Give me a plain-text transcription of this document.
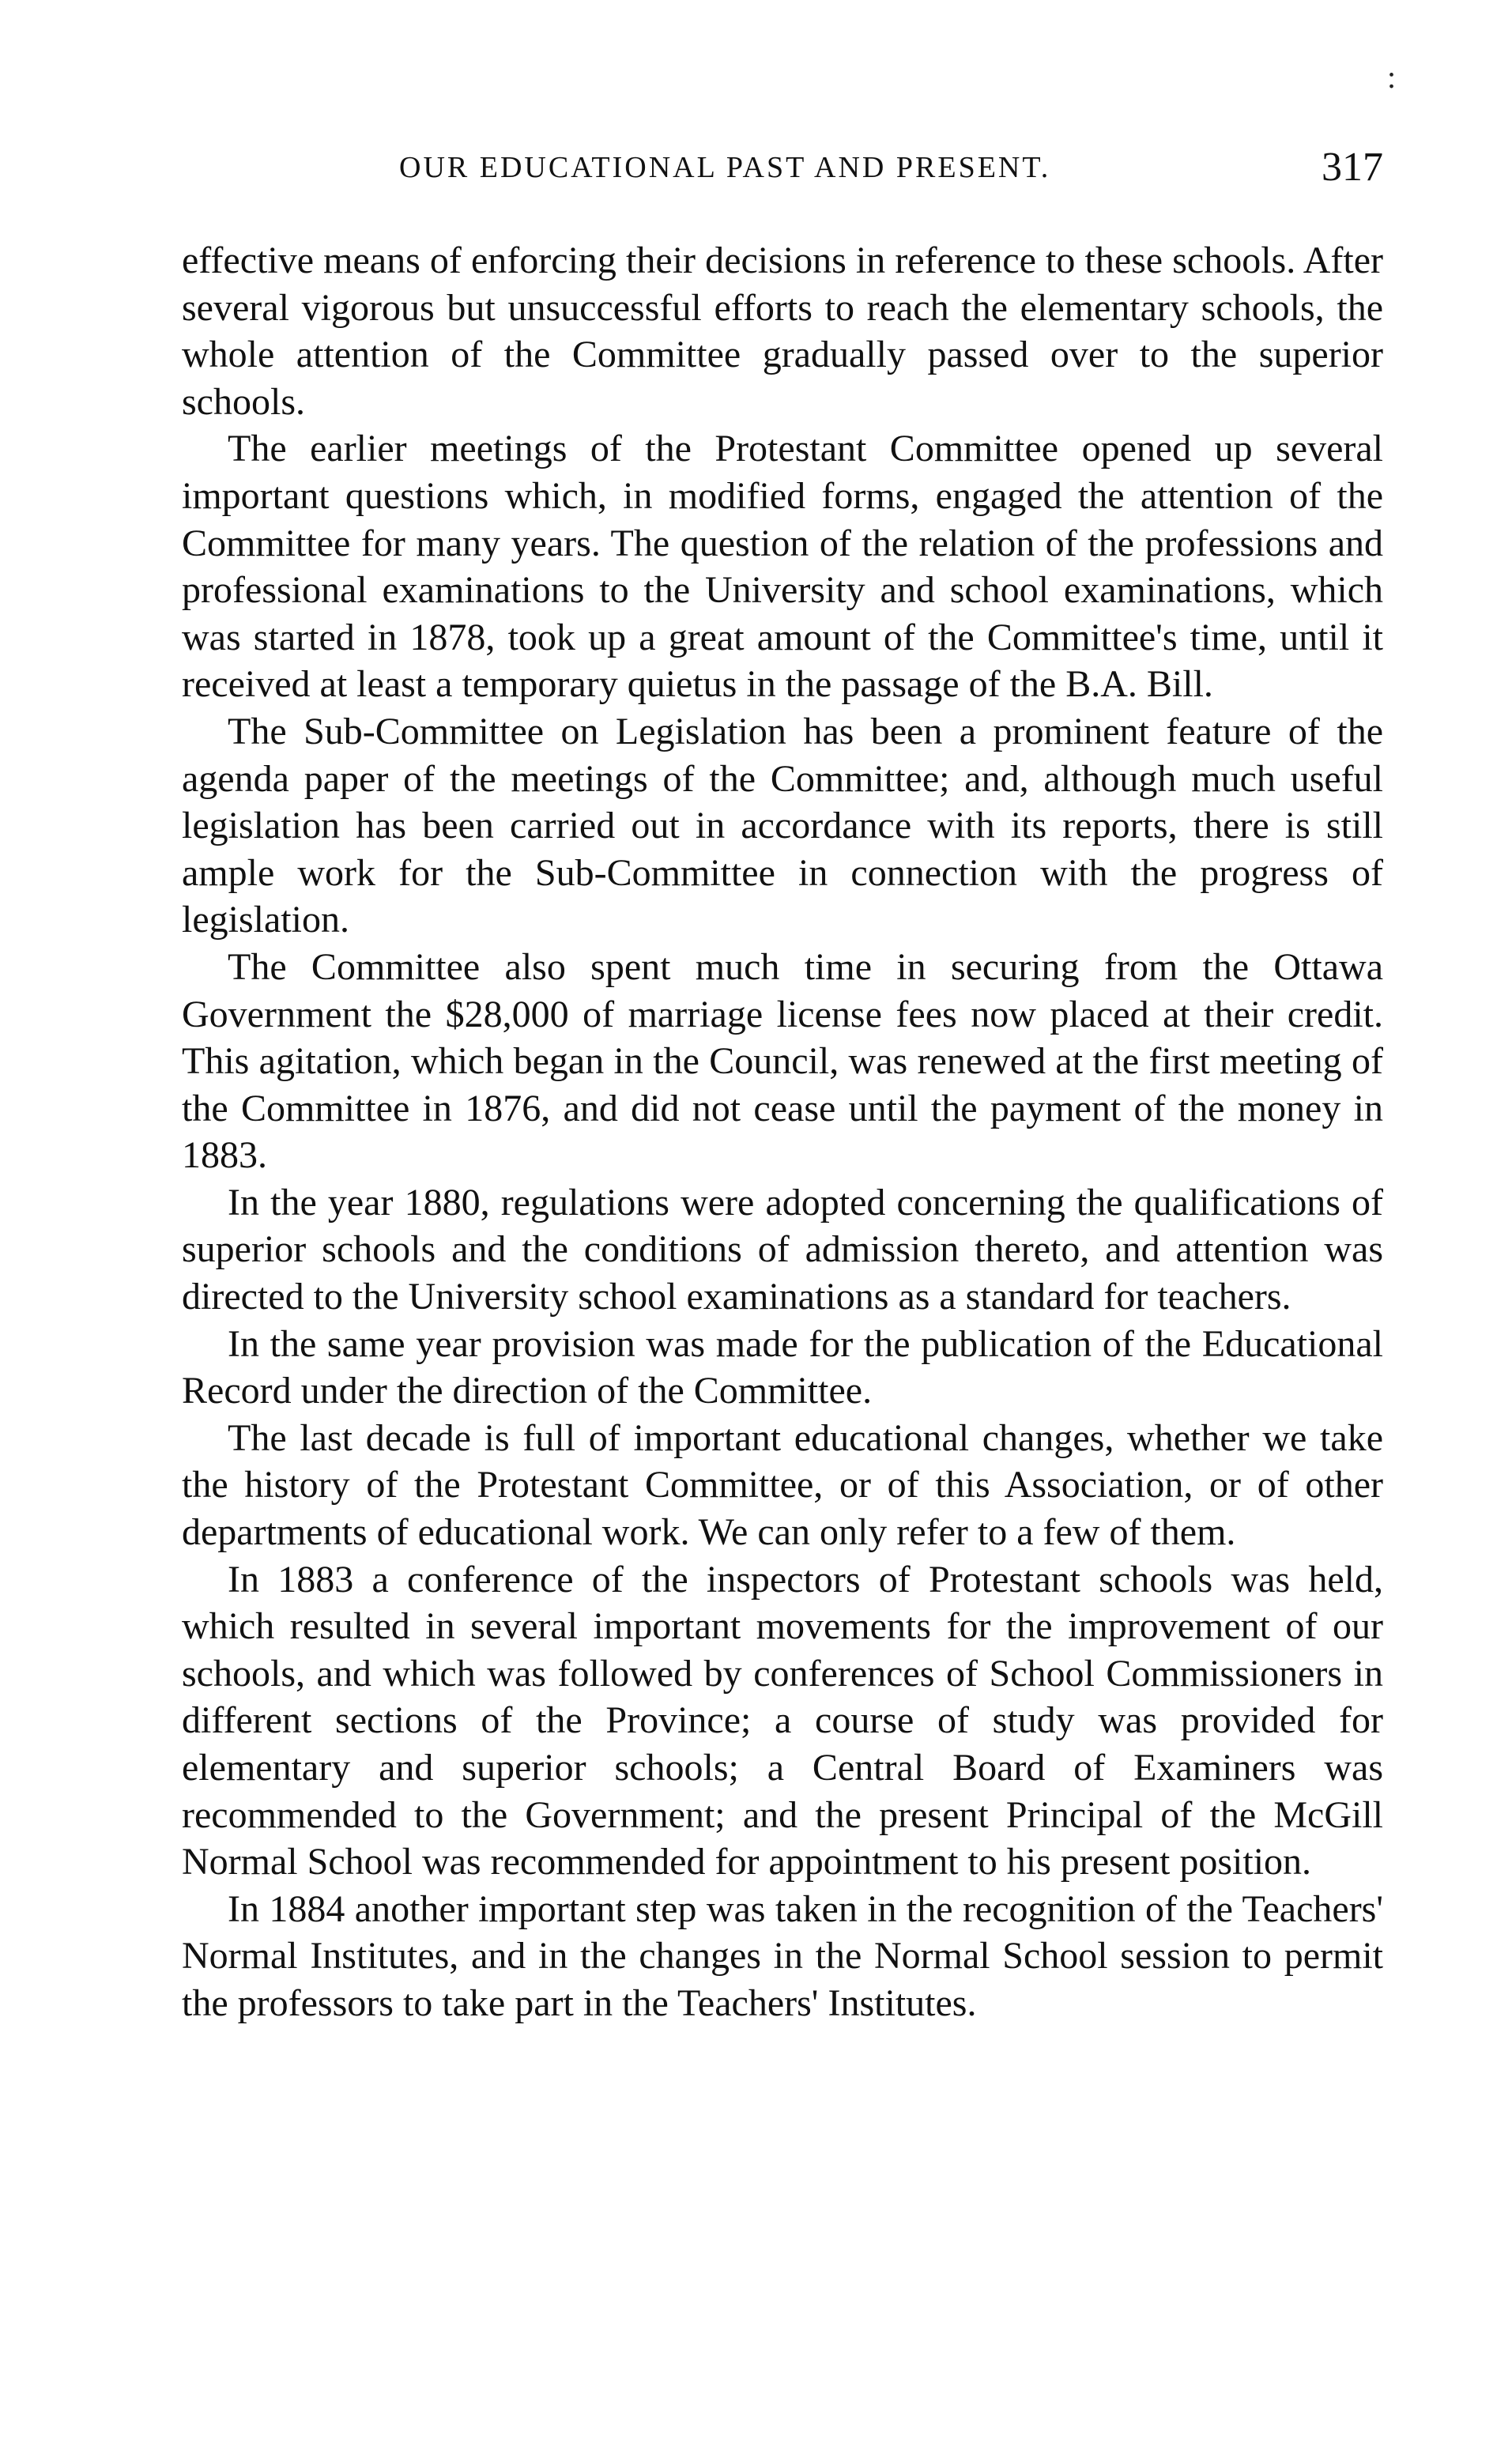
:
OUR EDUCATIONAL PAST AND PRESENT.	317

effective means of enforcing their decisions in reference to these schools. After several vigorous but unsuccessful efforts to reach the elementary schools, the whole attention of the Committee gradually passed over to the superior schools.

The earlier meetings of the Protestant Committee opened up several important questions which, in modified forms, engaged the attention of the Committee for many years. The question of the relation of the professions and professional examinations to the University and school examinations, which was started in 1878, took up a great amount of the Committee's time, until it received at least a temporary quietus in the passage of the B.A. Bill.

The Sub-Committee on Legislation has been a prominent feature of the agenda paper of the meetings of the Committee; and, although much useful legislation has been carried out in accordance with its reports, there is still ample work for the Sub-Committee in connection with the progress of legislation.

The Committee also spent much time in securing from the Ottawa Government the $28,000 of marriage license fees now placed at their credit. This agitation, which began in the Council, was renewed at the first meeting of the Committee in 1876, and did not cease until the payment of the money in 1883.

In the year 1880, regulations were adopted concerning the qualifications of superior schools and the conditions of admission thereto, and attention was directed to the University school examinations as a standard for teachers.

In the same year provision was made for the publication of the Educational Record under the direction of the Committee.

The last decade is full of important educational changes, whether we take the history of the Protestant Committee, or of this Association, or of other departments of educational work. We can only refer to a few of them.

In 1883 a conference of the inspectors of Protestant schools was held, which resulted in several important movements for the improvement of our schools, and which was followed by conferences of School Commissioners in different sections of the Province; a course of study was provided for elementary and superior schools; a Central Board of Examiners was recommended to the Government; and the present Principal of the McGill Normal School was recommended for appointment to his present position.

In 1884 another important step was taken in the recognition of the Teachers' Normal Institutes, and in the changes in the Normal School session to permit the professors to take part in the Teachers' Institutes.
